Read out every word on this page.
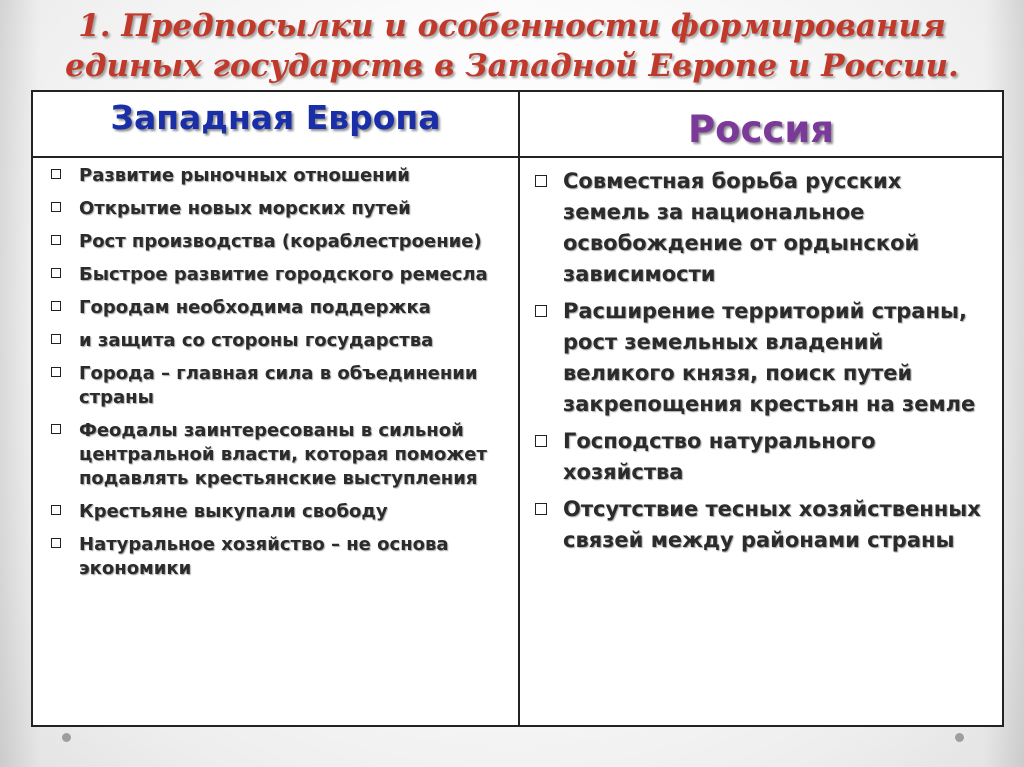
1. Предпосылки и особенности формирования
единых государств в Западной Европе и России.
Западная Европа	Россия
Развитие рыночных отношений
Открытие новых морских путей
Рост производства (кораблестроение)
Быстрое развитие городского ремесла
Городам необходима поддержка
и защита со стороны государства
Города – главная сила в объединении страны
Феодалы заинтересованы в сильной центральной власти, которая поможет подавлять крестьянские выступления
Крестьяне выкупали свободу
Натуральное хозяйство – не основа экономики
Совместная борьба русских земель за национальное освобождение от ордынской зависимости
Расширение территорий страны, рост земельных владений великого князя, поиск путей закрепощения крестьян на земле
Господство натурального хозяйства
Отсутствие тесных хозяйственных связей между районами страны
